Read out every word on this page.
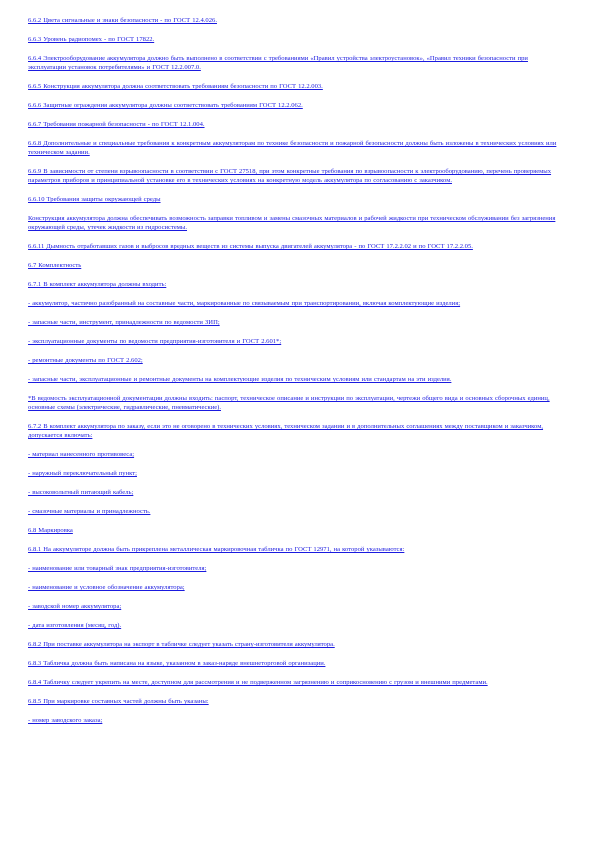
6.6.2 Цвета сигнальные и знаки безопасности - по ГОСТ 12.4.026.

6.6.3 Уровень радиопомех - по ГОСТ 17822.

6.6.4 Электрооборудование аккумулятора должно быть выполнено в соответствии с требованиями «Правил устройства электроустановок», «Правил техники безопасности при эксплуатации установок потребителями» и ГОСТ 12.2.007.0.

6.6.5 Конструкция аккумулятора должна соответствовать требованиям безопасности по ГОСТ 12.2.003.

6.6.6 Защитные ограждения аккумулятора должны соответствовать требованиям ГОСТ 12.2.062.

6.6.7 Требования пожарной безопасности - по ГОСТ 12.1.004.

6.6.8 Дополнительные и специальные требования к конкретным аккумуляторам по технике безопасности и пожарной безопасности должны быть изложены в технических условиях или техническом задании.

6.6.9 В зависимости от степени взрывоопасности в соответствии с ГОСТ 27518, при этом конкретные требования по взрывоопасности к электрооборудованию, перечень проверяемых параметров приборов и принципиальной установке его в технических условиях на конкретную модель аккумулятора по согласованию с заказчиком.

6.6.10 Требования защиты окружающей среды

Конструкция аккумулятора должна обеспечивать возможность заправки топливом и замены смазочных материалов и рабочей жидкости при техническом обслуживании без загрязнения окружающей среды, утечек жидкости из гидросистемы.

6.6.11 Дымность отработавших газов и выбросов вредных веществ из системы выпуска двигателей аккумулятора - по ГОСТ 17.2.2.02 и по ГОСТ 17.2.2.05.

6.7 Комплектность

6.7.1 В комплект аккумулятора должны входить:

- аккумулятор, частично разобранный на составные части, маркированные по связываемым при транспортировании, включая комплектующие изделия;

- запасные части, инструмент, принадлежности по ведомости ЗИП;

- эксплуатационные документы по ведомости предприятия-изготовителя и ГОСТ 2.601*;

- ремонтные документы по ГОСТ 2.602;

- запасные части, эксплуатационные и ремонтные документы на комплектующие изделия по техническим условиям или стандартам на эти изделия.

*В ведомость эксплуатационной документации должны входить: паспорт, техническое описание и инструкции по эксплуатации, чертежи общего вида и основных сборочных единиц, основные схемы (электрические, гидравлические, пневматические).

6.7.2 В комплект аккумулятора по заказу, если это не оговорено в технических условиях, техническом задании и в дополнительных соглашениях между поставщиком и заказчиком, допускается включать:

- материал нанесенного противовеса;

- наружный переключательный пункт;

- высоковольтный питающий кабель;

- смазочные материалы и принадлежность.

6.8 Маркировка

6.8.1 На аккумуляторе должна быть прикреплена металлическая маркировочная табличка по ГОСТ 12971, на которой указываются:

- наименование или товарный знак предприятия-изготовителя;

- наименование и условное обозначение аккумулятора;

- заводской номер аккумулятора;

- дата изготовления (месяц, год).

6.8.2 При поставке аккумулятора на экспорт в табличке следует указать страну-изготовителя аккумулятора.

6.8.3 Табличка должна быть написана на языке, указанном в заказ-наряде внешнеторговой организации.

6.8.4 Табличку следует укрепить на месте, доступном для рассмотрения и не подверженном загрязнению и соприкосновению с грузом и внешними предметами.

6.8.5 При маркировке составных частей должны быть указаны:

- номер заводского заказа;
